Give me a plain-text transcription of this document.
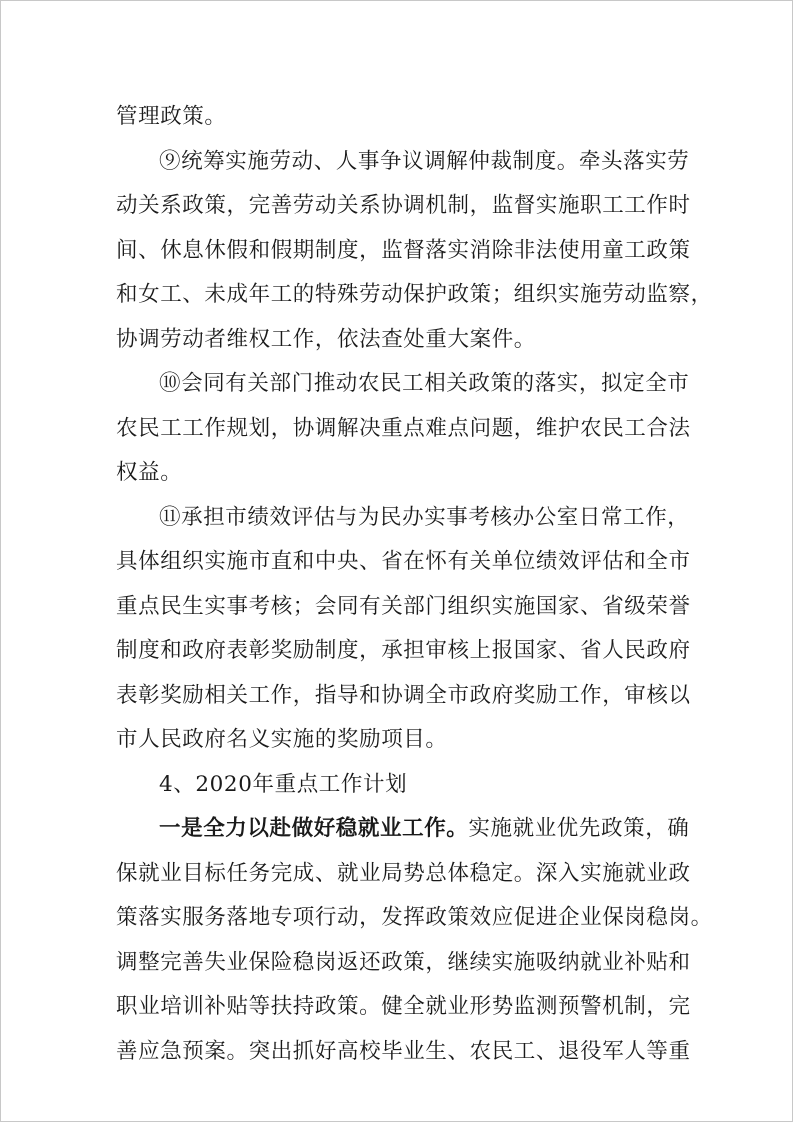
管理政策。
⑨统筹实施劳动、人事争议调解仲裁制度。牵头落实劳
动关系政策，完善劳动关系协调机制，监督实施职工工作时
间、休息休假和假期制度，监督落实消除非法使用童工政策
和女工、未成年工的特殊劳动保护政策；组织实施劳动监察，
协调劳动者维权工作，依法查处重大案件。
⑩会同有关部门推动农民工相关政策的落实，拟定全市
农民工工作规划，协调解决重点难点问题，维护农民工合法
权益。
⑪承担市绩效评估与为民办实事考核办公室日常工作，
具体组织实施市直和中央、省在怀有关单位绩效评估和全市
重点民生实事考核；会同有关部门组织实施国家、省级荣誉
制度和政府表彰奖励制度，承担审核上报国家、省人民政府
表彰奖励相关工作，指导和协调全市政府奖励工作，审核以
市人民政府名义实施的奖励项目。
4、2020年重点工作计划
一是全力以赴做好稳就业工作。实施就业优先政策，确
保就业目标任务完成、就业局势总体稳定。深入实施就业政
策落实服务落地专项行动，发挥政策效应促进企业保岗稳岗。
调整完善失业保险稳岗返还政策，继续实施吸纳就业补贴和
职业培训补贴等扶持政策。健全就业形势监测预警机制，完
善应急预案。突出抓好高校毕业生、农民工、退役军人等重
